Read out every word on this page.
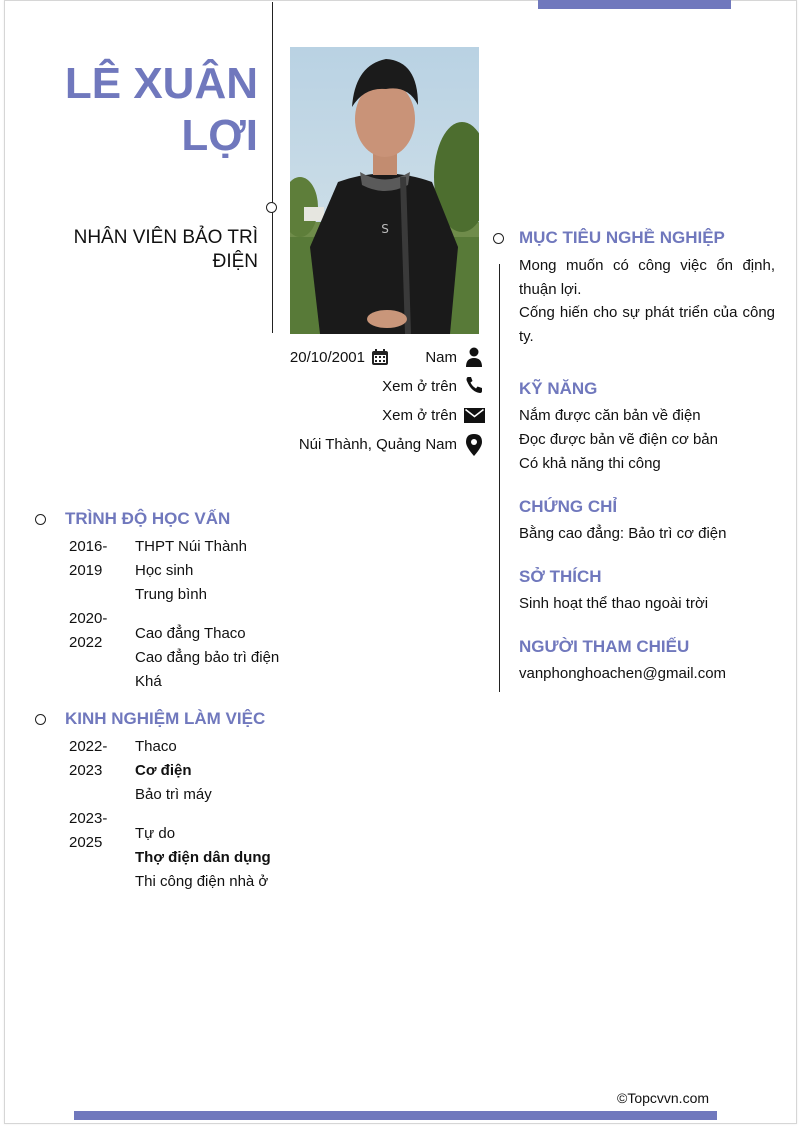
LÊ XUÂN
LỢI
NHÂN VIÊN BẢO TRÌ ĐIỆN
S
20/10/2001	Nam
Xem ở trên
Xem ở trên
Núi Thành, Quảng Nam
TRÌNH ĐỘ HỌC VẤN
2016-
2019
THPT Núi Thành
Học sinh
Trung bình
2020-
2022
Cao đẳng Thaco
Cao đẳng bảo trì điện
Khá
KINH NGHIỆM LÀM VIỆC
2022-
2023
Thaco
Cơ điện
Bảo trì máy
2023-
2025
Tự do
Thợ điện dân dụng
Thi công điện nhà ở
MỤC TIÊU NGHỀ NGHIỆP
Mong muốn có công việc ổn định, thuận lợi.
Cống hiến cho sự phát triển của công ty.
KỸ NĂNG
Nắm được căn bản về điện
Đọc được bản vẽ điện cơ bản
Có khả năng thi công
CHỨNG CHỈ
Bằng cao đẳng: Bảo trì cơ điện
SỞ THÍCH
Sinh hoạt thể thao ngoài trời
NGƯỜI THAM CHIẾU
vanphonghoachen@gmail.com
©Topcvvn.com
